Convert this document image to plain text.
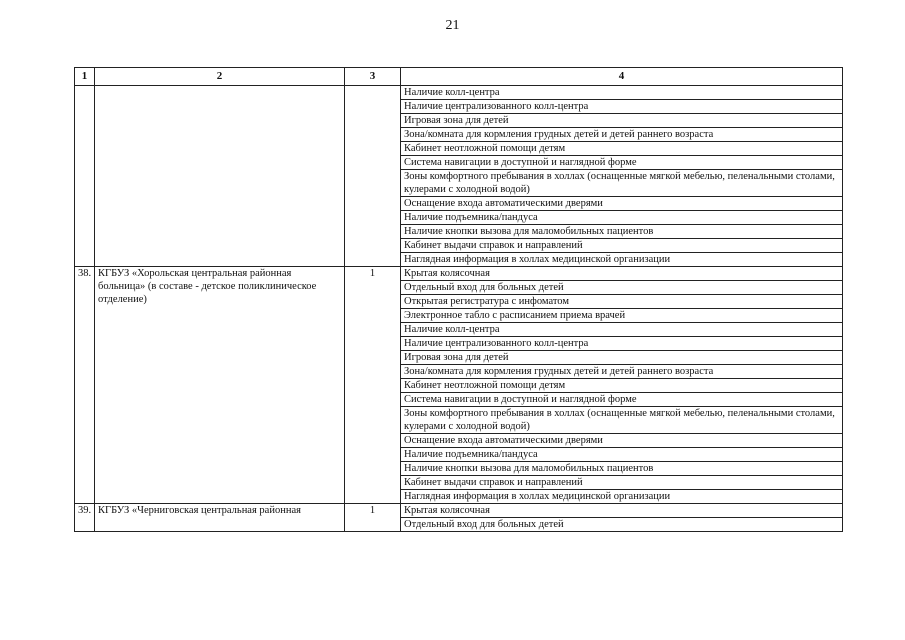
21
1	2	3	4
			Наличие колл-центра
			Наличие централизованного колл-центра
			Игровая зона для детей
			Зона/комната для кормления грудных детей и детей раннего возраста
			Кабинет неотложной помощи детям
			Система навигации в доступной и наглядной форме
			Зоны комфортного пребывания в холлах (оснащенные мягкой мебелью, пеленальными столами, кулерами с холодной водой)
			Оснащение входа автоматическими дверями
			Наличие подъемника/пандуса
			Наличие кнопки вызова для маломобильных пациентов
			Кабинет выдачи справок и направлений
			Наглядная информация в холлах медицинской организации
38.	КГБУЗ «Хорольская центральная районная больница» (в составе - детское поликлиническое отделение)	1	Крытая колясочная
			Отдельный вход для больных детей
			Открытая регистратура с инфоматом
			Электронное табло с расписанием приема врачей
			Наличие колл-центра
			Наличие централизованного колл-центра
			Игровая зона для детей
			Зона/комната для кормления грудных детей и детей раннего возраста
			Кабинет неотложной помощи детям
			Система навигации в доступной и наглядной форме
			Зоны комфортного пребывания в холлах (оснащенные мягкой мебелью, пеленальными столами, кулерами с холодной водой)
			Оснащение входа автоматическими дверями
			Наличие подъемника/пандуса
			Наличие кнопки вызова для маломобильных пациентов
			Кабинет выдачи справок и направлений
			Наглядная информация в холлах медицинской организации
39.	КГБУЗ «Черниговская центральная районная	1	Крытая колясочная
			Отдельный вход для больных детей
